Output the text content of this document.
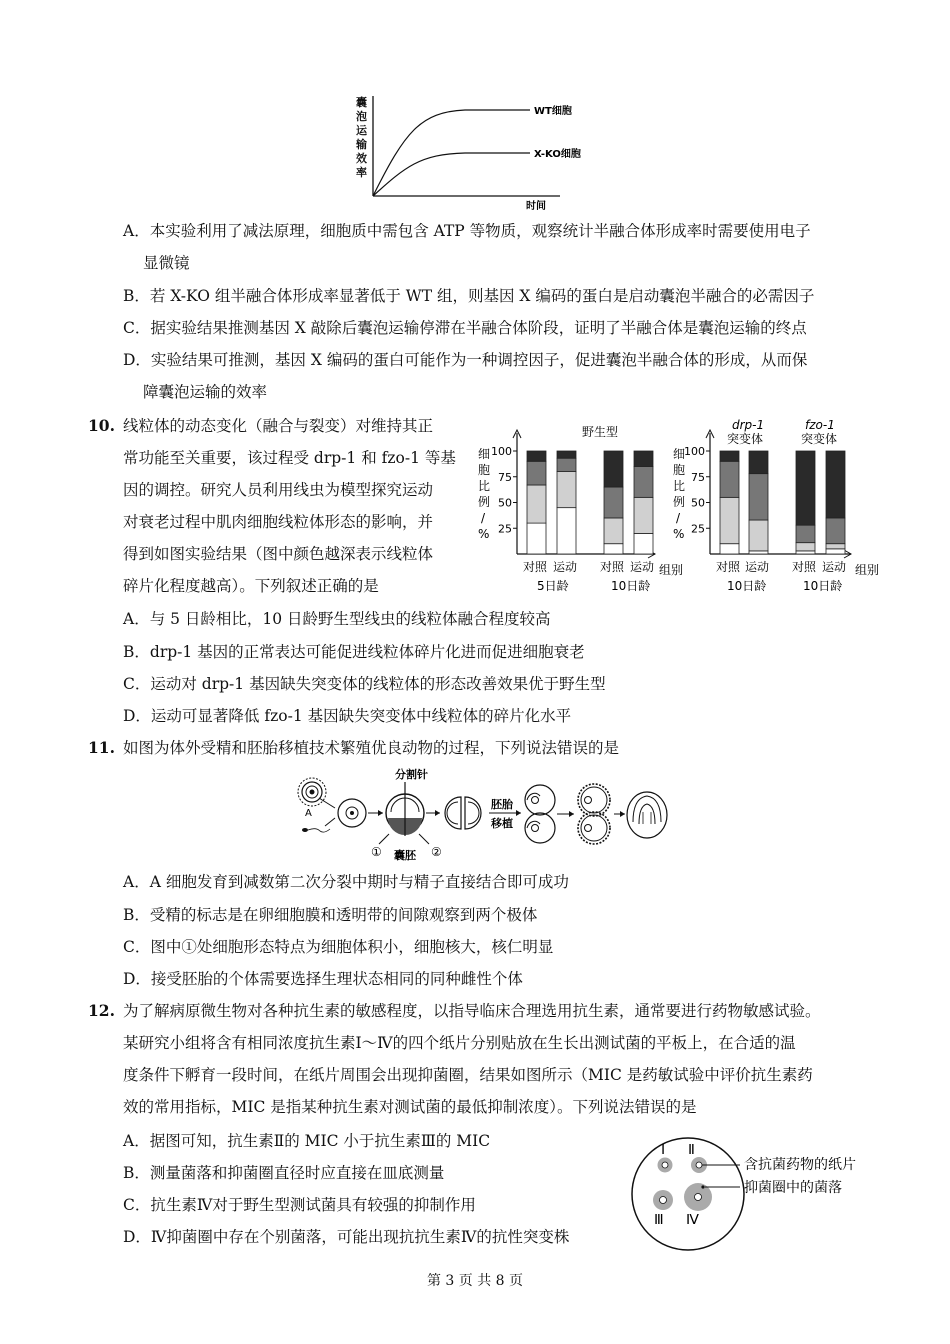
囊
泡
运
输
效
率
WT细胞
X-KO细胞
时间
A．本实验利用了减法原理，细胞质中需包含 ATP 等物质，观察统计半融合体形成率时需要使用电子
显微镜
B．若 X-KO 组半融合体形成率显著低于 WT 组，则基因 X 编码的蛋白是启动囊泡半融合的必需因子
C．据实验结果推测基因 X 敲除后囊泡运输停滞在半融合体阶段，证明了半融合体是囊泡运输的终点
D．实验结果可推测，基因 X 编码的蛋白可能作为一种调控因子，促进囊泡半融合体的形成，从而保
障囊泡运输的效率
10. 线粒体的动态变化（融合与裂变）对维持其正
常功能至关重要，该过程受 drp-1 和 fzo-1 等基
因的调控。研究人员利用线虫为模型探究运动
对衰老过程中肌肉细胞线粒体形态的影响，并
得到如图实验结果（图中颜色越深表示线粒体
碎片化程度越高）。下列叙述正确的是
野生型	drp-1
突变体
fzo-1
突变体
细
胞
比
例
/
%
细
胞
比
例
/
%
100
75
50
25
100
75
50
25
对照 运动 对照 运动	对照 运动 对照 运动
5日龄	10日龄	10日龄	10日龄
组别	组别
A．与 5 日龄相比，10 日龄野生型线虫的线粒体融合程度较高
B．drp-1 基因的正常表达可能促进线粒体碎片化进而促进细胞衰老
C．运动对 drp-1 基因缺失突变体的线粒体的形态改善效果优于野生型
D．运动可显著降低 fzo-1 基因缺失突变体中线粒体的碎片化水平
11. 如图为体外受精和胚胎移植技术繁殖优良动物的过程，下列说法错误的是
A
分割针
①	②
囊胚
胚胎
移植
A．A 细胞发育到减数第二次分裂中期时与精子直接结合即可成功
B．受精的标志是在卵细胞膜和透明带的间隙观察到两个极体
C．图中①处细胞形态特点为细胞体积小，细胞核大，核仁明显
D．接受胚胎的个体需要选择生理状态相同的同种雌性个体
12. 为了解病原微生物对各种抗生素的敏感程度，以指导临床合理选用抗生素，通常要进行药物敏感试验。
某研究小组将含有相同浓度抗生素Ⅰ～Ⅳ的四个纸片分别贴放在生长出测试菌的平板上，在合适的温
度条件下孵育一段时间，在纸片周围会出现抑菌圈，结果如图所示（MIC 是药敏试验中评价抗生素药
效的常用指标，MIC 是指某种抗生素对测试菌的最低抑制浓度）。下列说法错误的是
A．据图可知，抗生素Ⅱ的 MIC 小于抗生素Ⅲ的 MIC
B．测量菌落和抑菌圈直径时应直接在皿底测量
C．抗生素Ⅳ对于野生型测试菌具有较强的抑制作用
D．Ⅳ抑菌圈中存在个别菌落，可能出现抗抗生素Ⅳ的抗性突变株
Ⅰ Ⅱ
Ⅲ Ⅳ
含抗菌药物的纸片
抑菌圈中的菌落
第 3 页 共 8 页
